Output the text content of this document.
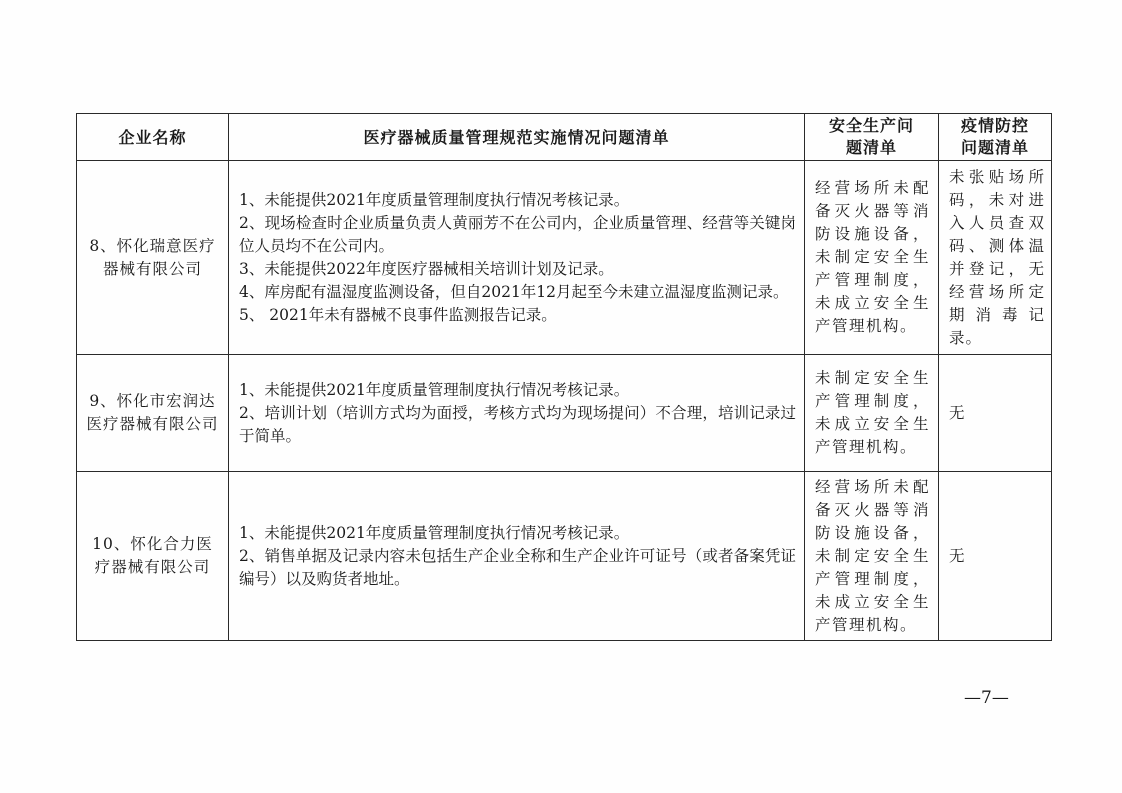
企业名称	医疗器械质量管理规范实施情况问题清单	安全生产问题清单	疫情防控问题清单
8、怀化瑞意医疗器械有限公司	1、未能提供2021年度质量管理制度执行情况考核记录。
2、现场检查时企业质量负责人黄丽芳不在公司内，企业质量管理、经营等关键岗位人员均不在公司内。
3、未能提供2022年度医疗器械相关培训计划及记录。
4、库房配有温湿度监测设备，但自2021年12月起至今未建立温湿度监测记录。
5、 2021年未有器械不良事件监测报告记录。	经营场所未配备灭火器等消防设施设备，未制定安全生产管理制度，未成立安全生产管理机构。	未张贴场所码，未对进入人员查双码、测体温并登记，无经营场所定期消毒记录。

9、怀化市宏润达医疗器械有限公司	1、未能提供2021年度质量管理制度执行情况考核记录。
2、培训计划（培训方式均为面授，考核方式均为现场提问）不合理，培训记录过于简单。	未制定安全生产管理制度，未成立安全生产管理机构。	无

10、怀化合力医疗器械有限公司	1、未能提供2021年度质量管理制度执行情况考核记录。
2、销售单据及记录内容未包括生产企业全称和生产企业许可证号（或者备案凭证编号）以及购货者地址。	经营场所未配备灭火器等消防设施设备，未制定安全生产管理制度，未成立安全生产管理机构。	无
—7—
